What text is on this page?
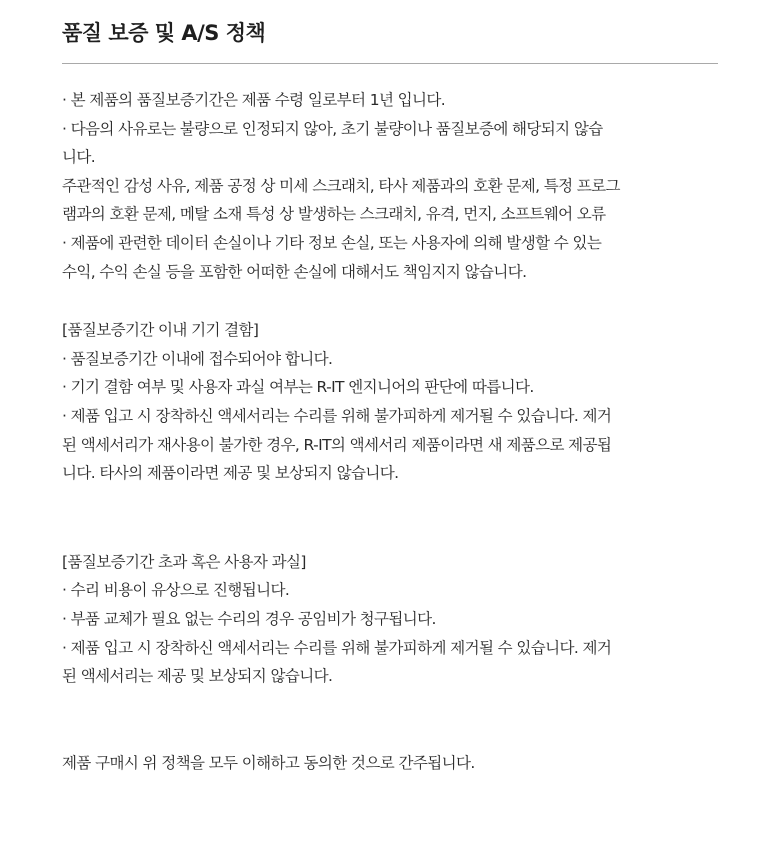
품질 보증 및 A/S 정책
· 본 제품의 품질보증기간은 제품 수령 일로부터 1년 입니다.
· 다음의 사유로는 불량으로 인정되지 않아, 초기 불량이나 품질보증에 해당되지 않습
니다.
주관적인 감성 사유, 제품 공정 상 미세 스크래치, 타사 제품과의 호환 문제, 특정 프로그
램과의 호환 문제, 메탈 소재 특성 상 발생하는 스크래치, 유격, 먼지, 소프트웨어 오류
· 제품에 관련한 데이터 손실이나 기타 정보 손실, 또는 사용자에 의해 발생할 수 있는
수익, 수익 손실 등을 포함한 어떠한 손실에 대해서도 책임지지 않습니다.
[품질보증기간 이내 기기 결함]
· 품질보증기간 이내에 접수되어야 합니다.
· 기기 결함 여부 및 사용자 과실 여부는 R-IT 엔지니어의 판단에 따릅니다.
· 제품 입고 시 장착하신 액세서리는 수리를 위해 불가피하게 제거될 수 있습니다. 제거
된 액세서리가 재사용이 불가한 경우, R-IT의 액세서리 제품이라면 새 제품으로 제공됩
니다. 타사의 제품이라면 제공 및 보상되지 않습니다.
[품질보증기간 초과 혹은 사용자 과실]
· 수리 비용이 유상으로 진행됩니다.
· 부품 교체가 필요 없는 수리의 경우 공임비가 청구됩니다.
· 제품 입고 시 장착하신 액세서리는 수리를 위해 불가피하게 제거될 수 있습니다. 제거
된 액세서리는 제공 및 보상되지 않습니다.
제품 구매시 위 정책을 모두 이해하고 동의한 것으로 간주됩니다.
